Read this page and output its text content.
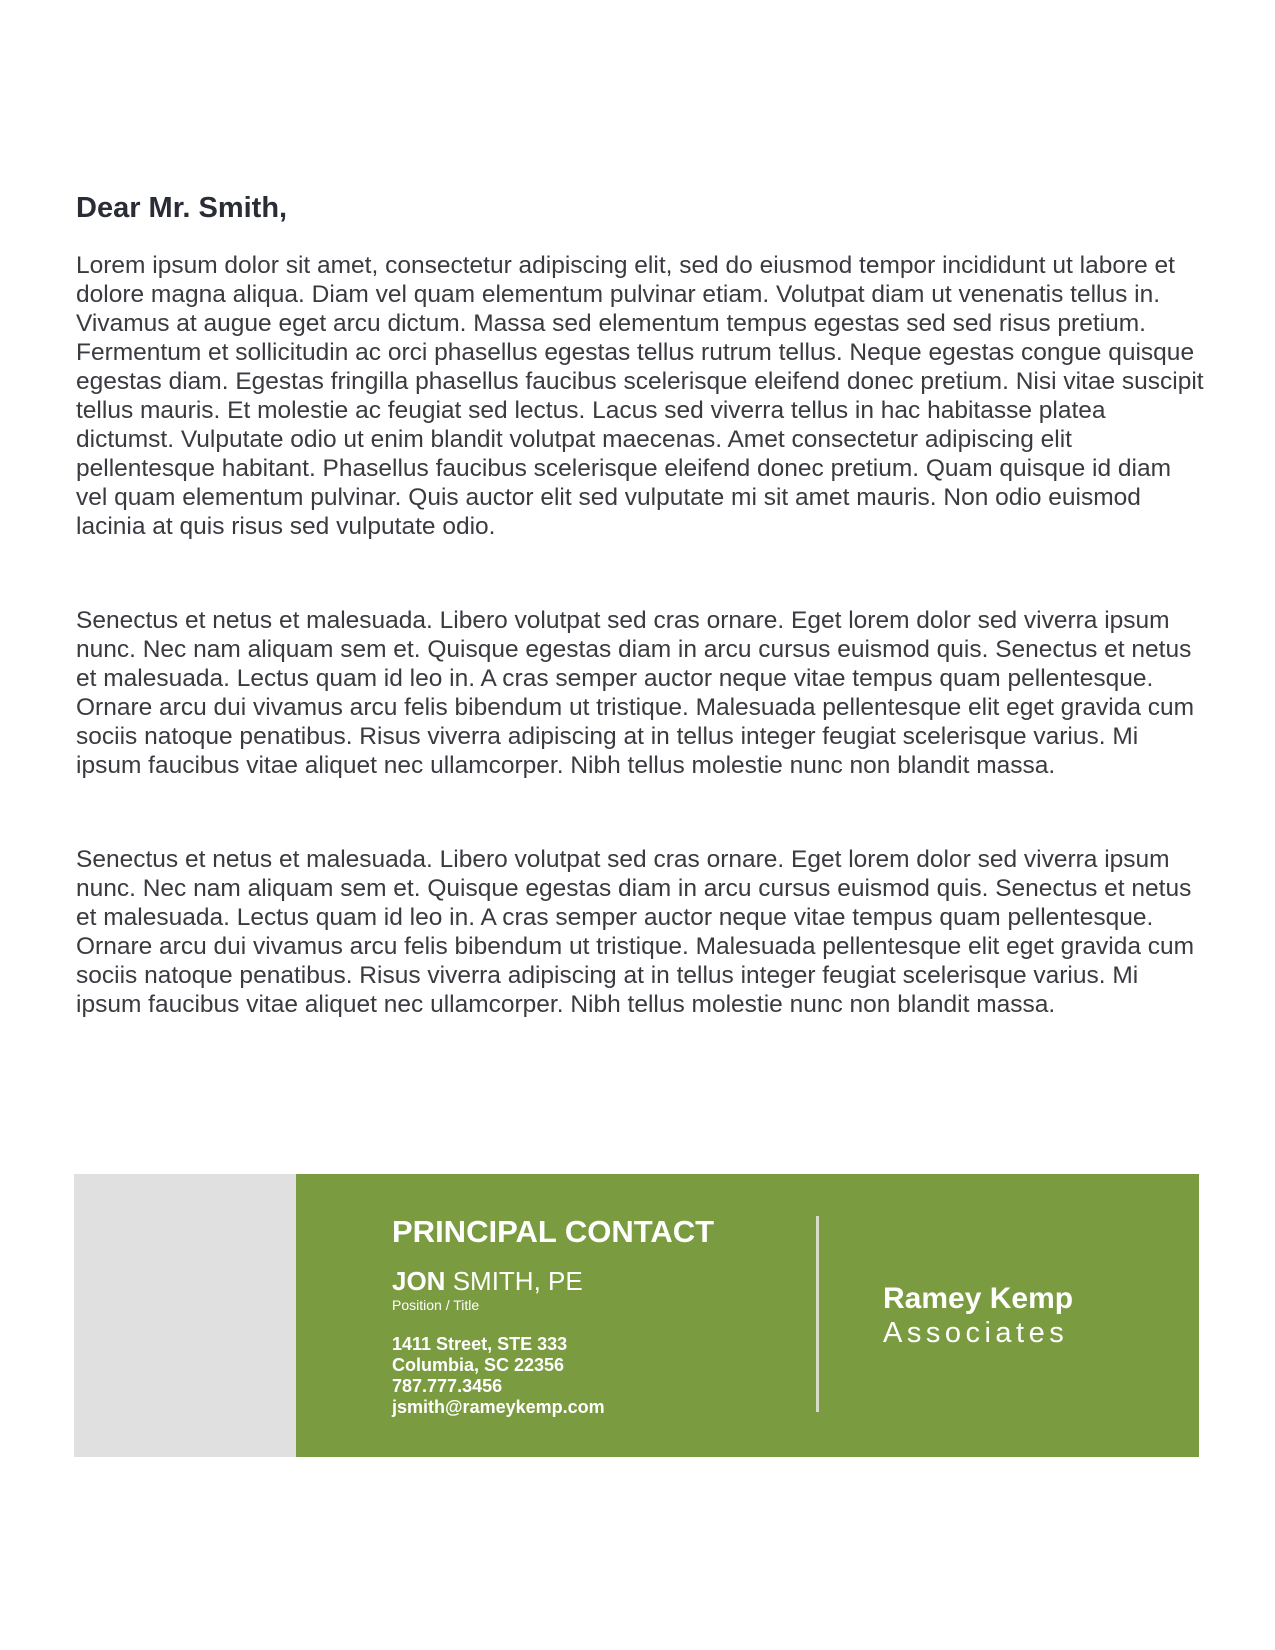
Dear Mr. Smith,

Lorem ipsum dolor sit amet, consectetur adipiscing elit, sed do eiusmod tempor incididunt ut labore et dolore magna aliqua. Diam vel quam elementum pulvinar etiam. Volutpat diam ut venenatis tellus in. Vivamus at augue eget arcu dictum. Massa sed elementum tempus egestas sed sed risus pretium. Fermentum et sollicitudin ac orci phasellus egestas tellus rutrum tellus. Neque egestas congue quisque egestas diam. Egestas fringilla phasellus faucibus scelerisque eleifend donec pretium. Nisi vitae suscipit tellus mauris. Et molestie ac feugiat sed lectus. Lacus sed viverra tellus in hac habitasse platea dictumst. Vulputate odio ut enim blandit volutpat maecenas. Amet consectetur adipiscing elit pellentesque habitant. Phasellus faucibus scelerisque eleifend donec pretium. Quam quisque id diam vel quam elementum pulvinar. Quis auctor elit sed vulputate mi sit amet mauris. Non odio euismod lacinia at quis risus sed vulputate odio.

Senectus et netus et malesuada. Libero volutpat sed cras ornare. Eget lorem dolor sed viverra ipsum nunc. Nec nam aliquam sem et. Quisque egestas diam in arcu cursus euismod quis. Senectus et netus et malesuada. Lectus quam id leo in. A cras semper auctor neque vitae tempus quam pellentesque. Ornare arcu dui vivamus arcu felis bibendum ut tristique. Malesuada pellentesque elit eget gravida cum sociis natoque penatibus. Risus viverra adipiscing at in tellus integer feugiat scelerisque varius. Mi ipsum faucibus vitae aliquet nec ullamcorper. Nibh tellus molestie nunc non blandit massa.

Senectus et netus et malesuada. Libero volutpat sed cras ornare. Eget lorem dolor sed viverra ipsum nunc. Nec nam aliquam sem et. Quisque egestas diam in arcu cursus euismod quis. Senectus et netus et malesuada. Lectus quam id leo in. A cras semper auctor neque vitae tempus quam pellentesque. Ornare arcu dui vivamus arcu felis bibendum ut tristique. Malesuada pellentesque elit eget gravida cum sociis natoque penatibus. Risus viverra adipiscing at in tellus integer feugiat scelerisque varius. Mi ipsum faucibus vitae aliquet nec ullamcorper. Nibh tellus molestie nunc non blandit massa.

PRINCIPAL CONTACT
JON SMITH, PE
Position / Title
1411 Street, STE 333
Columbia, SC 22356
787.777.3456
jsmith@rameykemp.com
Ramey Kemp
Associates
